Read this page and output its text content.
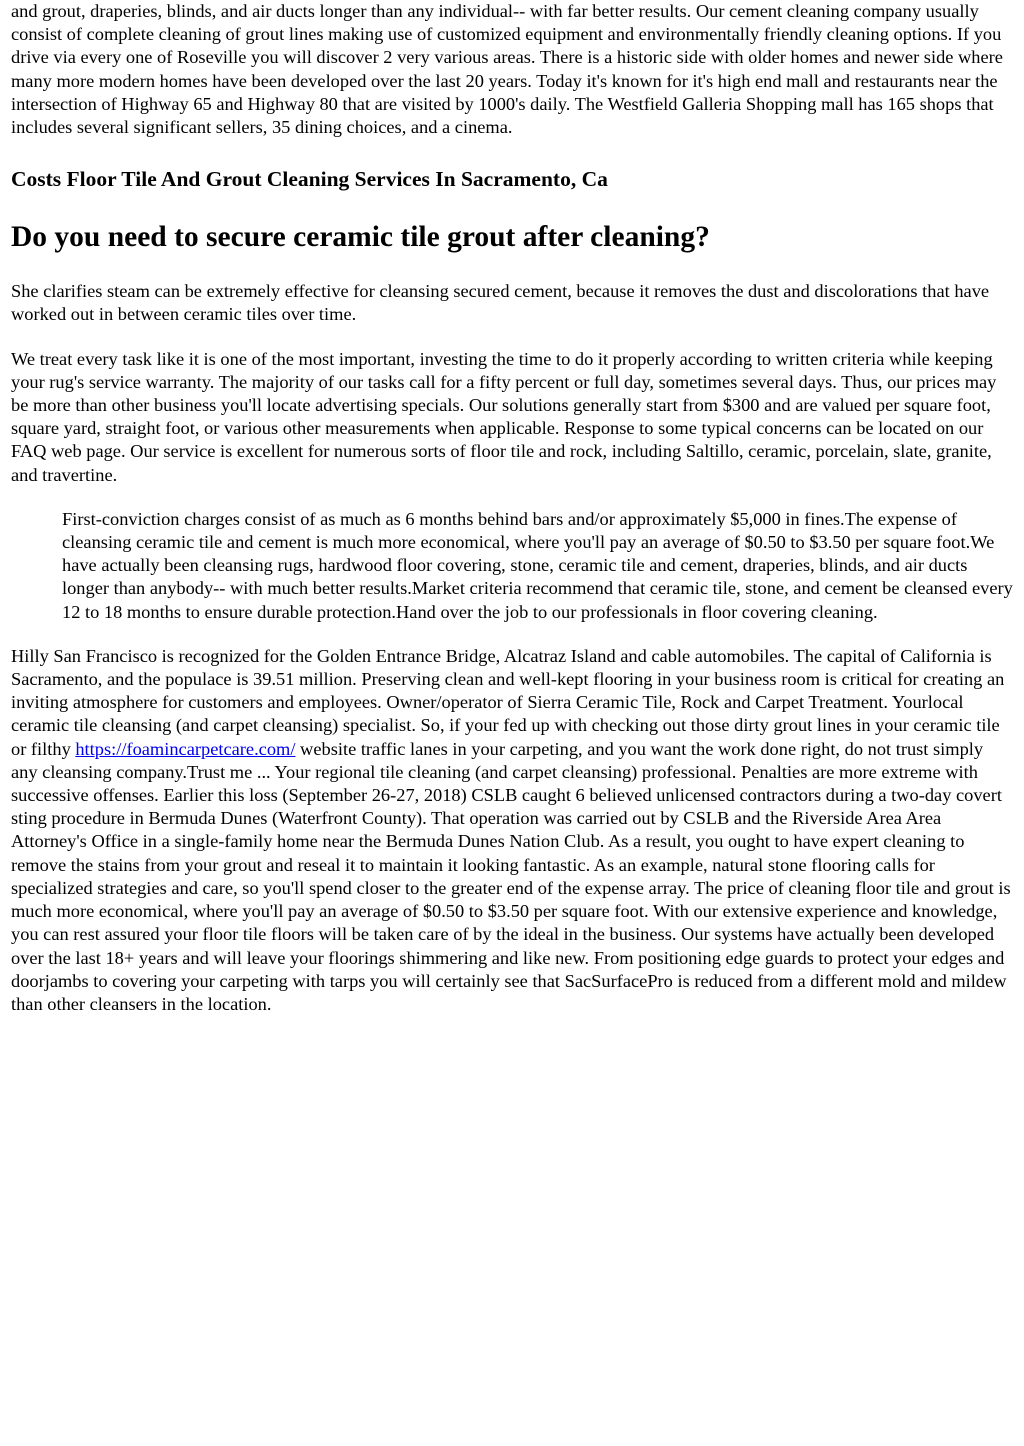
and grout, draperies, blinds, and air ducts longer than any individual-- with far better results. Our cement cleaning company usually consist of complete cleaning of grout lines making use of customized equipment and environmentally friendly cleaning options. If you drive via every one of Roseville you will discover 2 very various areas. There is a historic side with older homes and newer side where many more modern homes have been developed over the last 20 years. Today it's known for it's high end mall and restaurants near the intersection of Highway 65 and Highway 80 that are visited by 1000's daily. The Westfield Galleria Shopping mall has 165 shops that includes several significant sellers, 35 dining choices, and a cinema.

Costs Floor Tile And Grout Cleaning Services In Sacramento, Ca
Do you need to secure ceramic tile grout after cleaning?

She clarifies steam can be extremely effective for cleansing secured cement, because it removes the dust and discolorations that have worked out in between ceramic tiles over time.

We treat every task like it is one of the most important, investing the time to do it properly according to written criteria while keeping your rug's service warranty. The majority of our tasks call for a fifty percent or full day, sometimes several days. Thus, our prices may be more than other business you'll locate advertising specials. Our solutions generally start from $300 and are valued per square foot, square yard, straight foot, or various other measurements when applicable. Response to some typical concerns can be located on our FAQ web page. Our service is excellent for numerous sorts of floor tile and rock, including Saltillo, ceramic, porcelain, slate, granite, and travertine.

First-conviction charges consist of as much as 6 months behind bars and/or approximately $5,000 in fines.The expense of cleansing ceramic tile and cement is much more economical, where you'll pay an average of $0.50 to $3.50 per square foot.We have actually been cleansing rugs, hardwood floor covering, stone, ceramic tile and cement, draperies, blinds, and air ducts longer than anybody-- with much better results.Market criteria recommend that ceramic tile, stone, and cement be cleansed every 12 to 18 months to ensure durable protection.Hand over the job to our professionals in floor covering cleaning.

Hilly San Francisco is recognized for the Golden Entrance Bridge, Alcatraz Island and cable automobiles. The capital of California is Sacramento, and the populace is 39.51 million. Preserving clean and well-kept flooring in your business room is critical for creating an inviting atmosphere for customers and employees. Owner/operator of Sierra Ceramic Tile, Rock and Carpet Treatment. Yourlocal ceramic tile cleansing (and carpet cleansing) specialist. So, if your fed up with checking out those dirty grout lines in your ceramic tile or filthy https://foamincarpetcare.com/ website traffic lanes in your carpeting, and you want the work done right, do not trust simply any cleansing company.Trust me ... Your regional tile cleaning (and carpet cleansing) professional. Penalties are more extreme with successive offenses. Earlier this loss (September 26-27, 2018) CSLB caught 6 believed unlicensed contractors during a two-day covert sting procedure in Bermuda Dunes (Waterfront County). That operation was carried out by CSLB and the Riverside Area Area Attorney's Office in a single-family home near the Bermuda Dunes Nation Club. As a result, you ought to have expert cleaning to remove the stains from your grout and reseal it to maintain it looking fantastic. As an example, natural stone flooring calls for specialized strategies and care, so you'll spend closer to the greater end of the expense array. The price of cleaning floor tile and grout is much more economical, where you'll pay an average of $0.50 to $3.50 per square foot. With our extensive experience and knowledge, you can rest assured your floor tile floors will be taken care of by the ideal in the business. Our systems have actually been developed over the last 18+ years and will leave your floorings shimmering and like new. From positioning edge guards to protect your edges and doorjambs to covering your carpeting with tarps you will certainly see that SacSurfacePro is reduced from a different mold and mildew than other cleansers in the location.
